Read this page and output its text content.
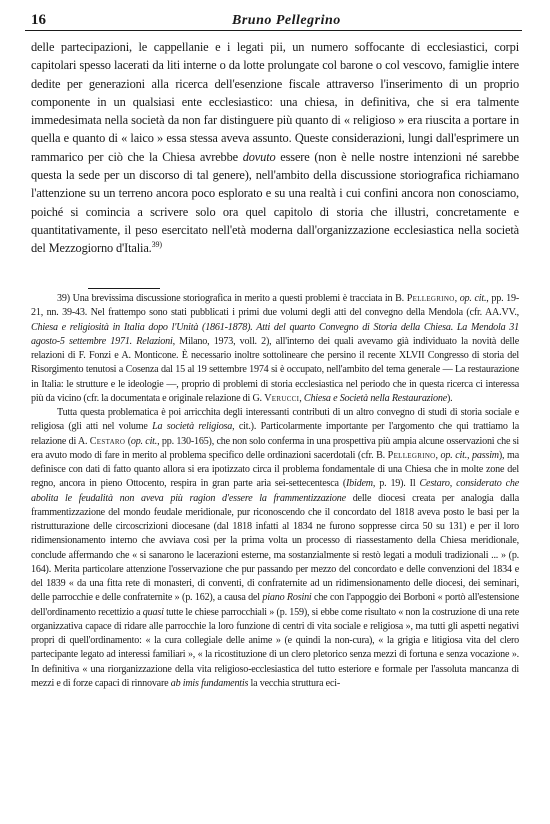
16	Bruno Pellegrino
delle partecipazioni, le cappellanie e i legati pii, un numero soffocante di ecclesiastici, corpi capitolari spesso lacerati da liti interne o da lotte prolungate col barone o col vescovo, famiglie intere dedite per generazioni alla ricerca dell'esenzione fiscale attraverso l'inserimento di un proprio componente in un qualsiasi ente ecclesiastico: una chiesa, in definitiva, che si era talmente immedesimata nella società da non far distinguere più quanto di « religioso » era riuscita a portare in quella e quanto di « laico » essa stessa aveva assunto. Queste considerazioni, lungi dall'esprimere un rammarico per ciò che la Chiesa avrebbe dovuto essere (non è nelle nostre intenzioni né sarebbe questa la sede per un discorso di tal genere), nell'ambito della discussione storiografica richiamano l'attenzione su un terreno ancora poco esplorato e su una realtà i cui confini ancora non conosciamo, poiché si comincia a scrivere solo ora quel capitolo di storia che illustri, concretamente e quantitativamente, il peso esercitato nell'età moderna dall'organizzazione ecclesiastica nella società del Mezzogiorno d'Italia.$^{39)}$

39) Una brevissima discussione storiografica in merito a questi problemi è tracciata in B. Pellegrino, op. cit., pp. 19-21, nn. 39-43. Nel frattempo sono stati pubblicati i primi due volumi degli atti del convegno della Mendola (cfr. AA.VV., Chiesa e religiosità in Italia dopo l'Unità (1861-1878). Atti del quarto Convegno di Storia della Chiesa. La Mendola 31 agosto-5 settembre 1971. Relazioni, Milano, 1973, voll. 2), all'interno dei quali avevamo già individuato la novità delle relazioni di F. Fonzi e A. Monticone. È necessario inoltre sottolineare che persino il recente XLVII Congresso di storia del Risorgimento tenutosi a Cosenza dal 15 al 19 settembre 1974 si è occupato, nell'ambito del tema generale — La restaurazione in Italia: le strutture e le ideologie —, proprio di problemi di storia ecclesiastica nel periodo che in questa ricerca ci interessa più da vicino (cfr. la documentata e originale relazione di G. Verucci, Chiesa e Società nella Restaurazione).

Tutta questa problematica è poi arricchita degli interessanti contributi di un altro convegno di studi di storia sociale e religiosa (gli atti nel volume La società religiosa, cit.). Particolarmente importante per l'argomento che qui trattiamo la relazione di A. Cestaro (op. cit., pp. 130-165), che non solo conferma in una prospettiva più ampia alcune osservazioni che si era avuto modo di fare in merito al problema specifico delle ordinazioni sacerdotali (cfr. B. Pellegrino, op. cit., passim), ma definisce con dati di fatto quanto allora si era ipotizzato circa il problema fondamentale di una Chiesa che in molte zone del regno, ancora in pieno Ottocento, respira in gran parte aria sei-settecentesca (Ibidem, p. 19). Il Cestaro, considerato che abolita le feudalità non aveva più ragion d'essere la frammentizzazione delle diocesi creata per analogia dalla frammentizzazione del mondo feudale meridionale, pur riconoscendo che il concordato del 1818 aveva posto le basi per la ristrutturazione delle circoscrizioni diocesane (dal 1818 infatti al 1834 ne furono soppresse circa 50 su 131) e per il loro ridimensionamento interno che avviava così per la prima volta un processo di riassestamento della Chiesa meridionale, conclude affermando che « si sanarono le lacerazioni esterne, ma sostanzialmente si restò legati a moduli tradizionali ... » (p. 164). Merita particolare attenzione l'osservazione che pur passando per mezzo del concordato e delle convenzioni del 1834 e del 1839 « da una fitta rete di monasteri, di conventi, di confraternite ad un ridimensionamento delle diocesi, dei seminari, delle parrocchie e delle confraternite » (p. 162), a causa del piano Rosini che con l'appoggio dei Borboni « portò all'estensione dell'ordinamento recettizio a quasi tutte le chiese parrocchiali » (p. 159), si ebbe come risultato « non la costruzione di una rete organizzativa capace di ridare alle parrocchie la loro funzione di centri di vita sociale e religiosa », ma tutti gli aspetti negativi propri di quell'ordinamento: « la cura collegiale delle anime » (e quindi la non-cura), « la grigia e litigiosa vita del clero partecipante legato ad interessi familiari », « la ricostituzione di un clero pletorico senza mezzi di fortuna e senza vocazione ». In definitiva « una riorganizzazione della vita religioso-ecclesiastica del tutto esteriore e formale per l'assoluta mancanza di mezzi e di forze capaci di rinnovare ab imis fundamentis la vecchia struttura eci-
